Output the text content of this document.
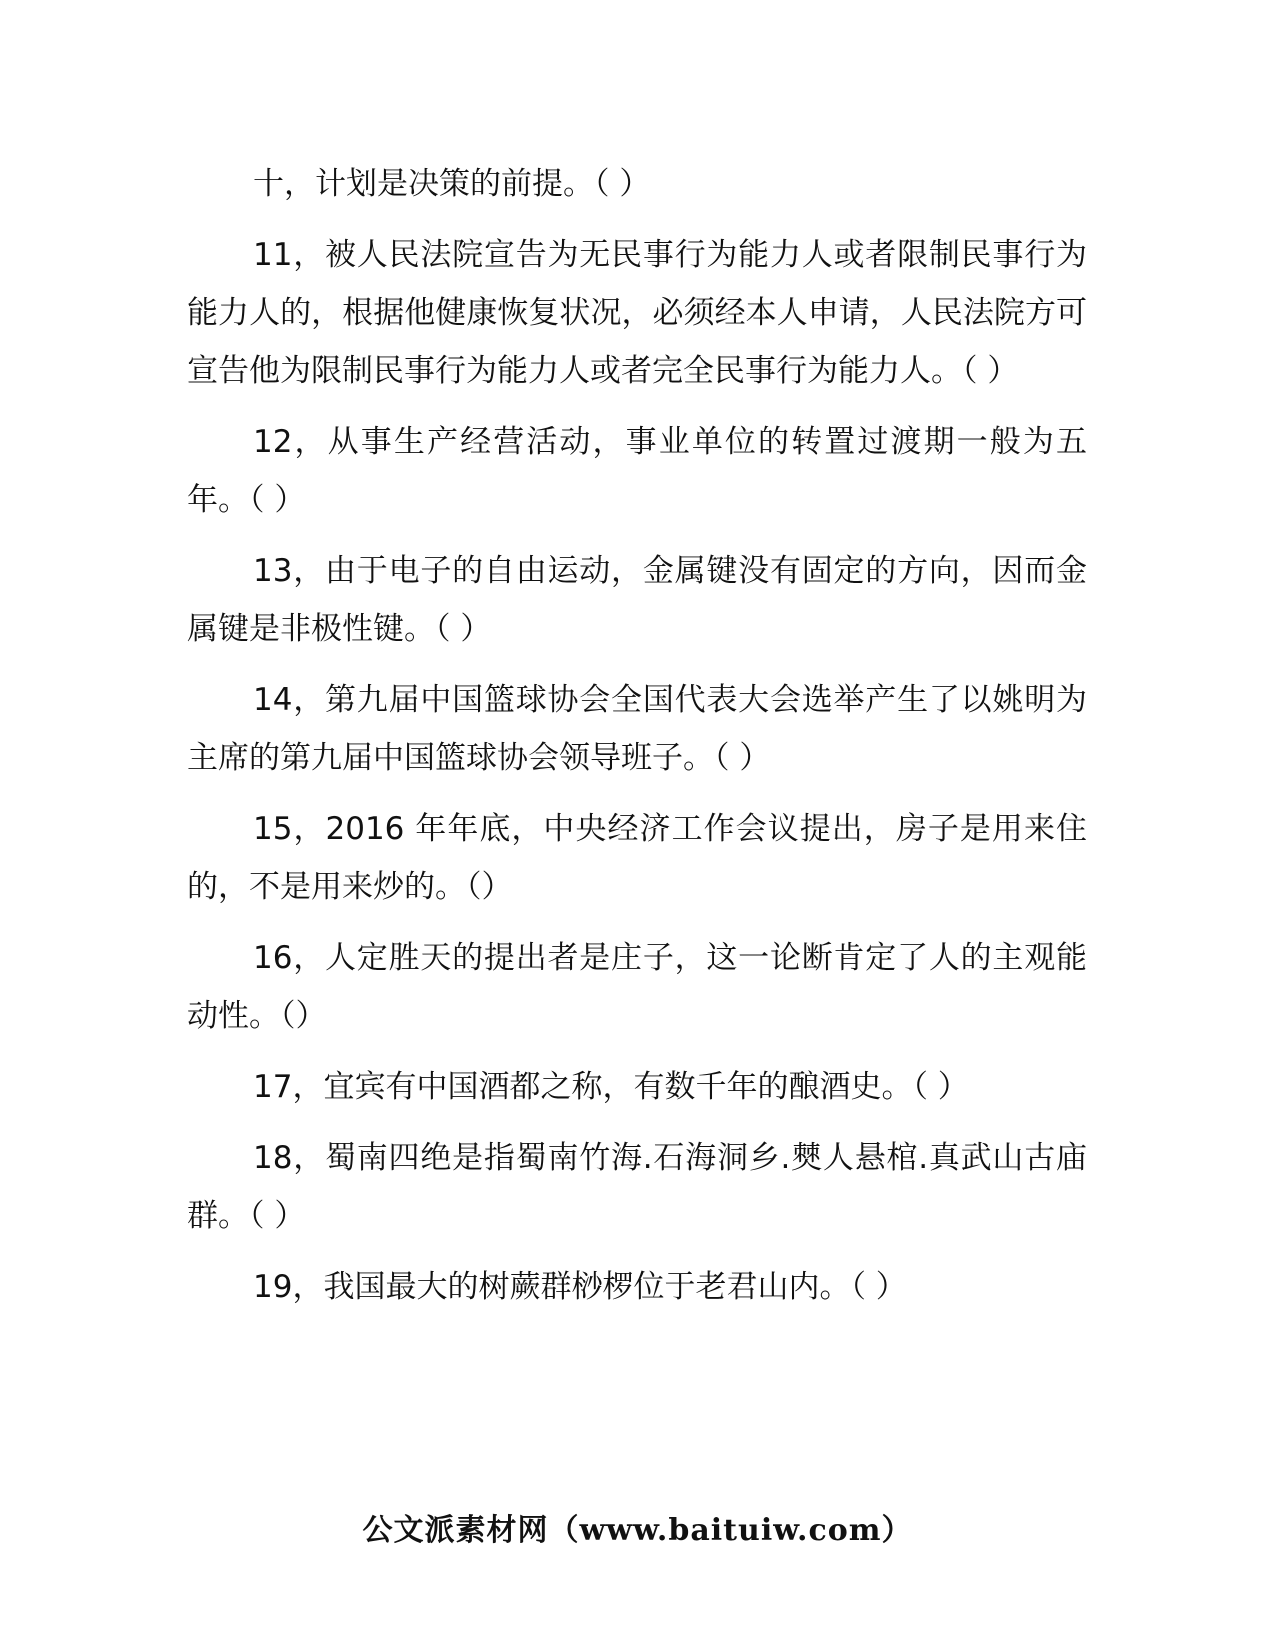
十，计划是决策的前提。（ ）

11，被人民法院宣告为无民事行为能力人或者限制民事行为能力人的，根据他健康恢复状况，必须经本人申请，人民法院方可宣告他为限制民事行为能力人或者完全民事行为能力人。（ ）

12，从事生产经营活动，事业单位的转置过渡期一般为五年。（ ）

13，由于电子的自由运动，金属键没有固定的方向，因而金属键是非极性键。（ ）

14，第九届中国篮球协会全国代表大会选举产生了以姚明为主席的第九届中国篮球协会领导班子。（ ）

15，2016 年年底，中央经济工作会议提出，房子是用来住的，不是用来炒的。（）

16，人定胜天的提出者是庄子，这一论断肯定了人的主观能动性。（）

17，宜宾有中国酒都之称，有数千年的酿酒史。（ ）

18，蜀南四绝是指蜀南竹海.石海洞乡.僰人悬棺.真武山古庙群。（ ）

19，我国最大的树蕨群桫椤位于老君山内。（ ）

公文派素材网（www.baituiw.com）
